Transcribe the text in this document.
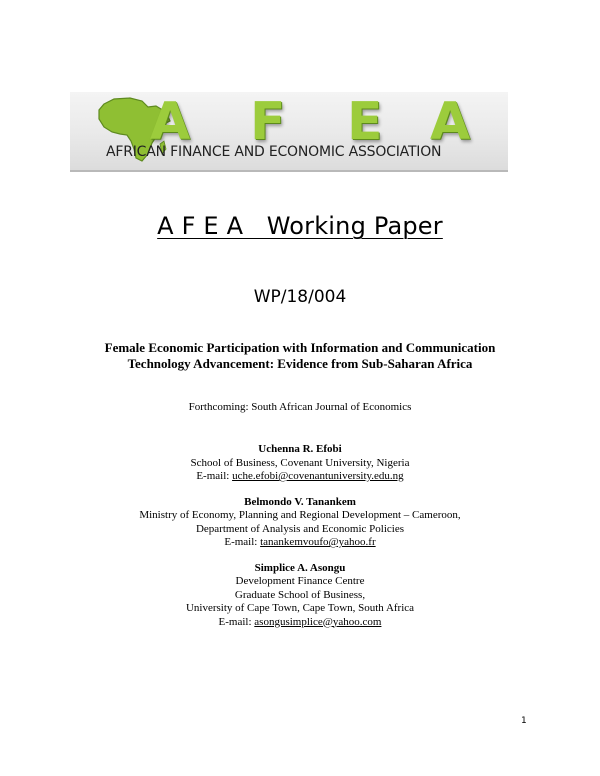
A F E A
AFRICAN FINANCE AND ECONOMIC ASSOCIATION
A F E A   Working Paper
WP/18/004
Female Economic Participation with Information and Communication
Technology Advancement: Evidence from Sub-Saharan Africa
Forthcoming: South African Journal of Economics
Uchenna R. Efobi
School of Business, Covenant University, Nigeria
E-mail: uche.efobi@covenantuniversity.edu.ng
Belmondo V. Tanankem
Ministry of Economy, Planning and Regional Development – Cameroon,
Department of Analysis and Economic Policies
E-mail: tanankemvoufo@yahoo.fr
Simplice A. Asongu
Development Finance Centre
Graduate School of Business,
University of Cape Town, Cape Town, South Africa
E-mail: asongusimplice@yahoo.com
1
